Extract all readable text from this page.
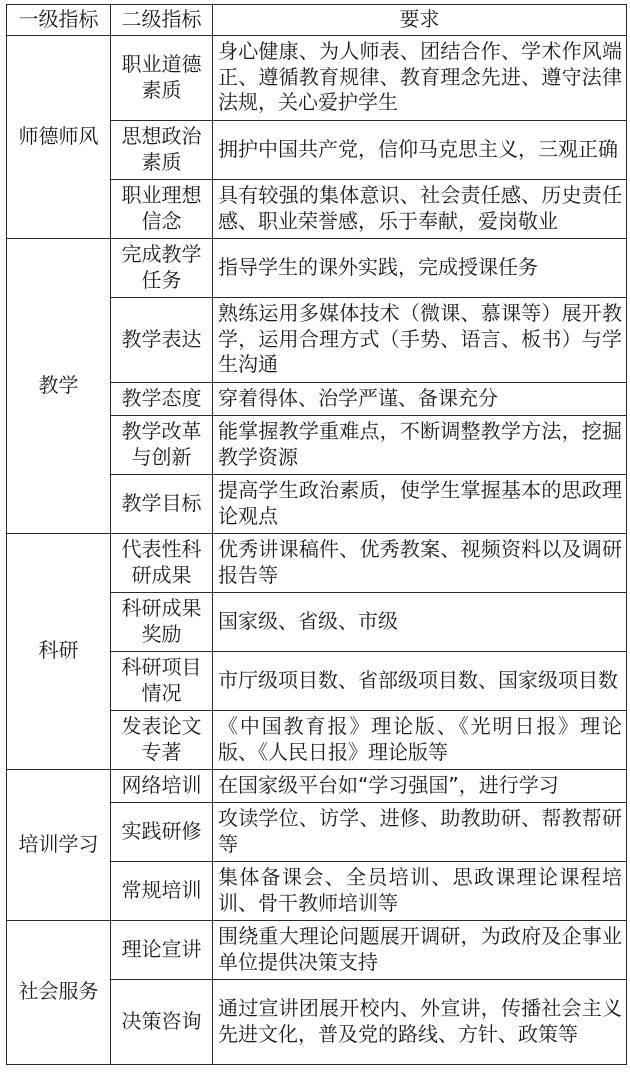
一级指标	二级指标	要求
师德师风	职业道德素质	身心健康、为人师表、团结合作、学术作风端正、遵循教育规律、教育理念先进、遵守法律法规，关心爱护学生
	思想政治素质	拥护中国共产党，信仰马克思主义，三观正确
	职业理想信念	具有较强的集体意识、社会责任感、历史责任感、职业荣誉感，乐于奉献，爱岗敬业
教学	完成教学任务	指导学生的课外实践，完成授课任务
	教学表达	熟练运用多媒体技术（微课、慕课等）展开教学，运用合理方式（手势、语言、板书）与学生沟通
	教学态度	穿着得体、治学严谨、备课充分
	教学改革与创新	能掌握教学重难点，不断调整教学方法，挖掘教学资源
	教学目标	提高学生政治素质，使学生掌握基本的思政理论观点
科研	代表性科研成果	优秀讲课稿件、优秀教案、视频资料以及调研报告等
	科研成果奖励	国家级、省级、市级
	科研项目情况	市厅级项目数、省部级项目数、国家级项目数
	发表论文专著	《中国教育报》理论版、《光明日报》理论版、《人民日报》理论版等
培训学习	网络培训	在国家级平台如“学习强国”，进行学习
	实践研修	攻读学位、访学、进修、助教助研、帮教帮研等
	常规培训	集体备课会、全员培训、思政课理论课程培训、骨干教师培训等
社会服务	理论宣讲	围绕重大理论问题展开调研，为政府及企事业单位提供决策支持
	决策咨询	通过宣讲团展开校内、外宣讲，传播社会主义先进文化，普及党的路线、方针、政策等
